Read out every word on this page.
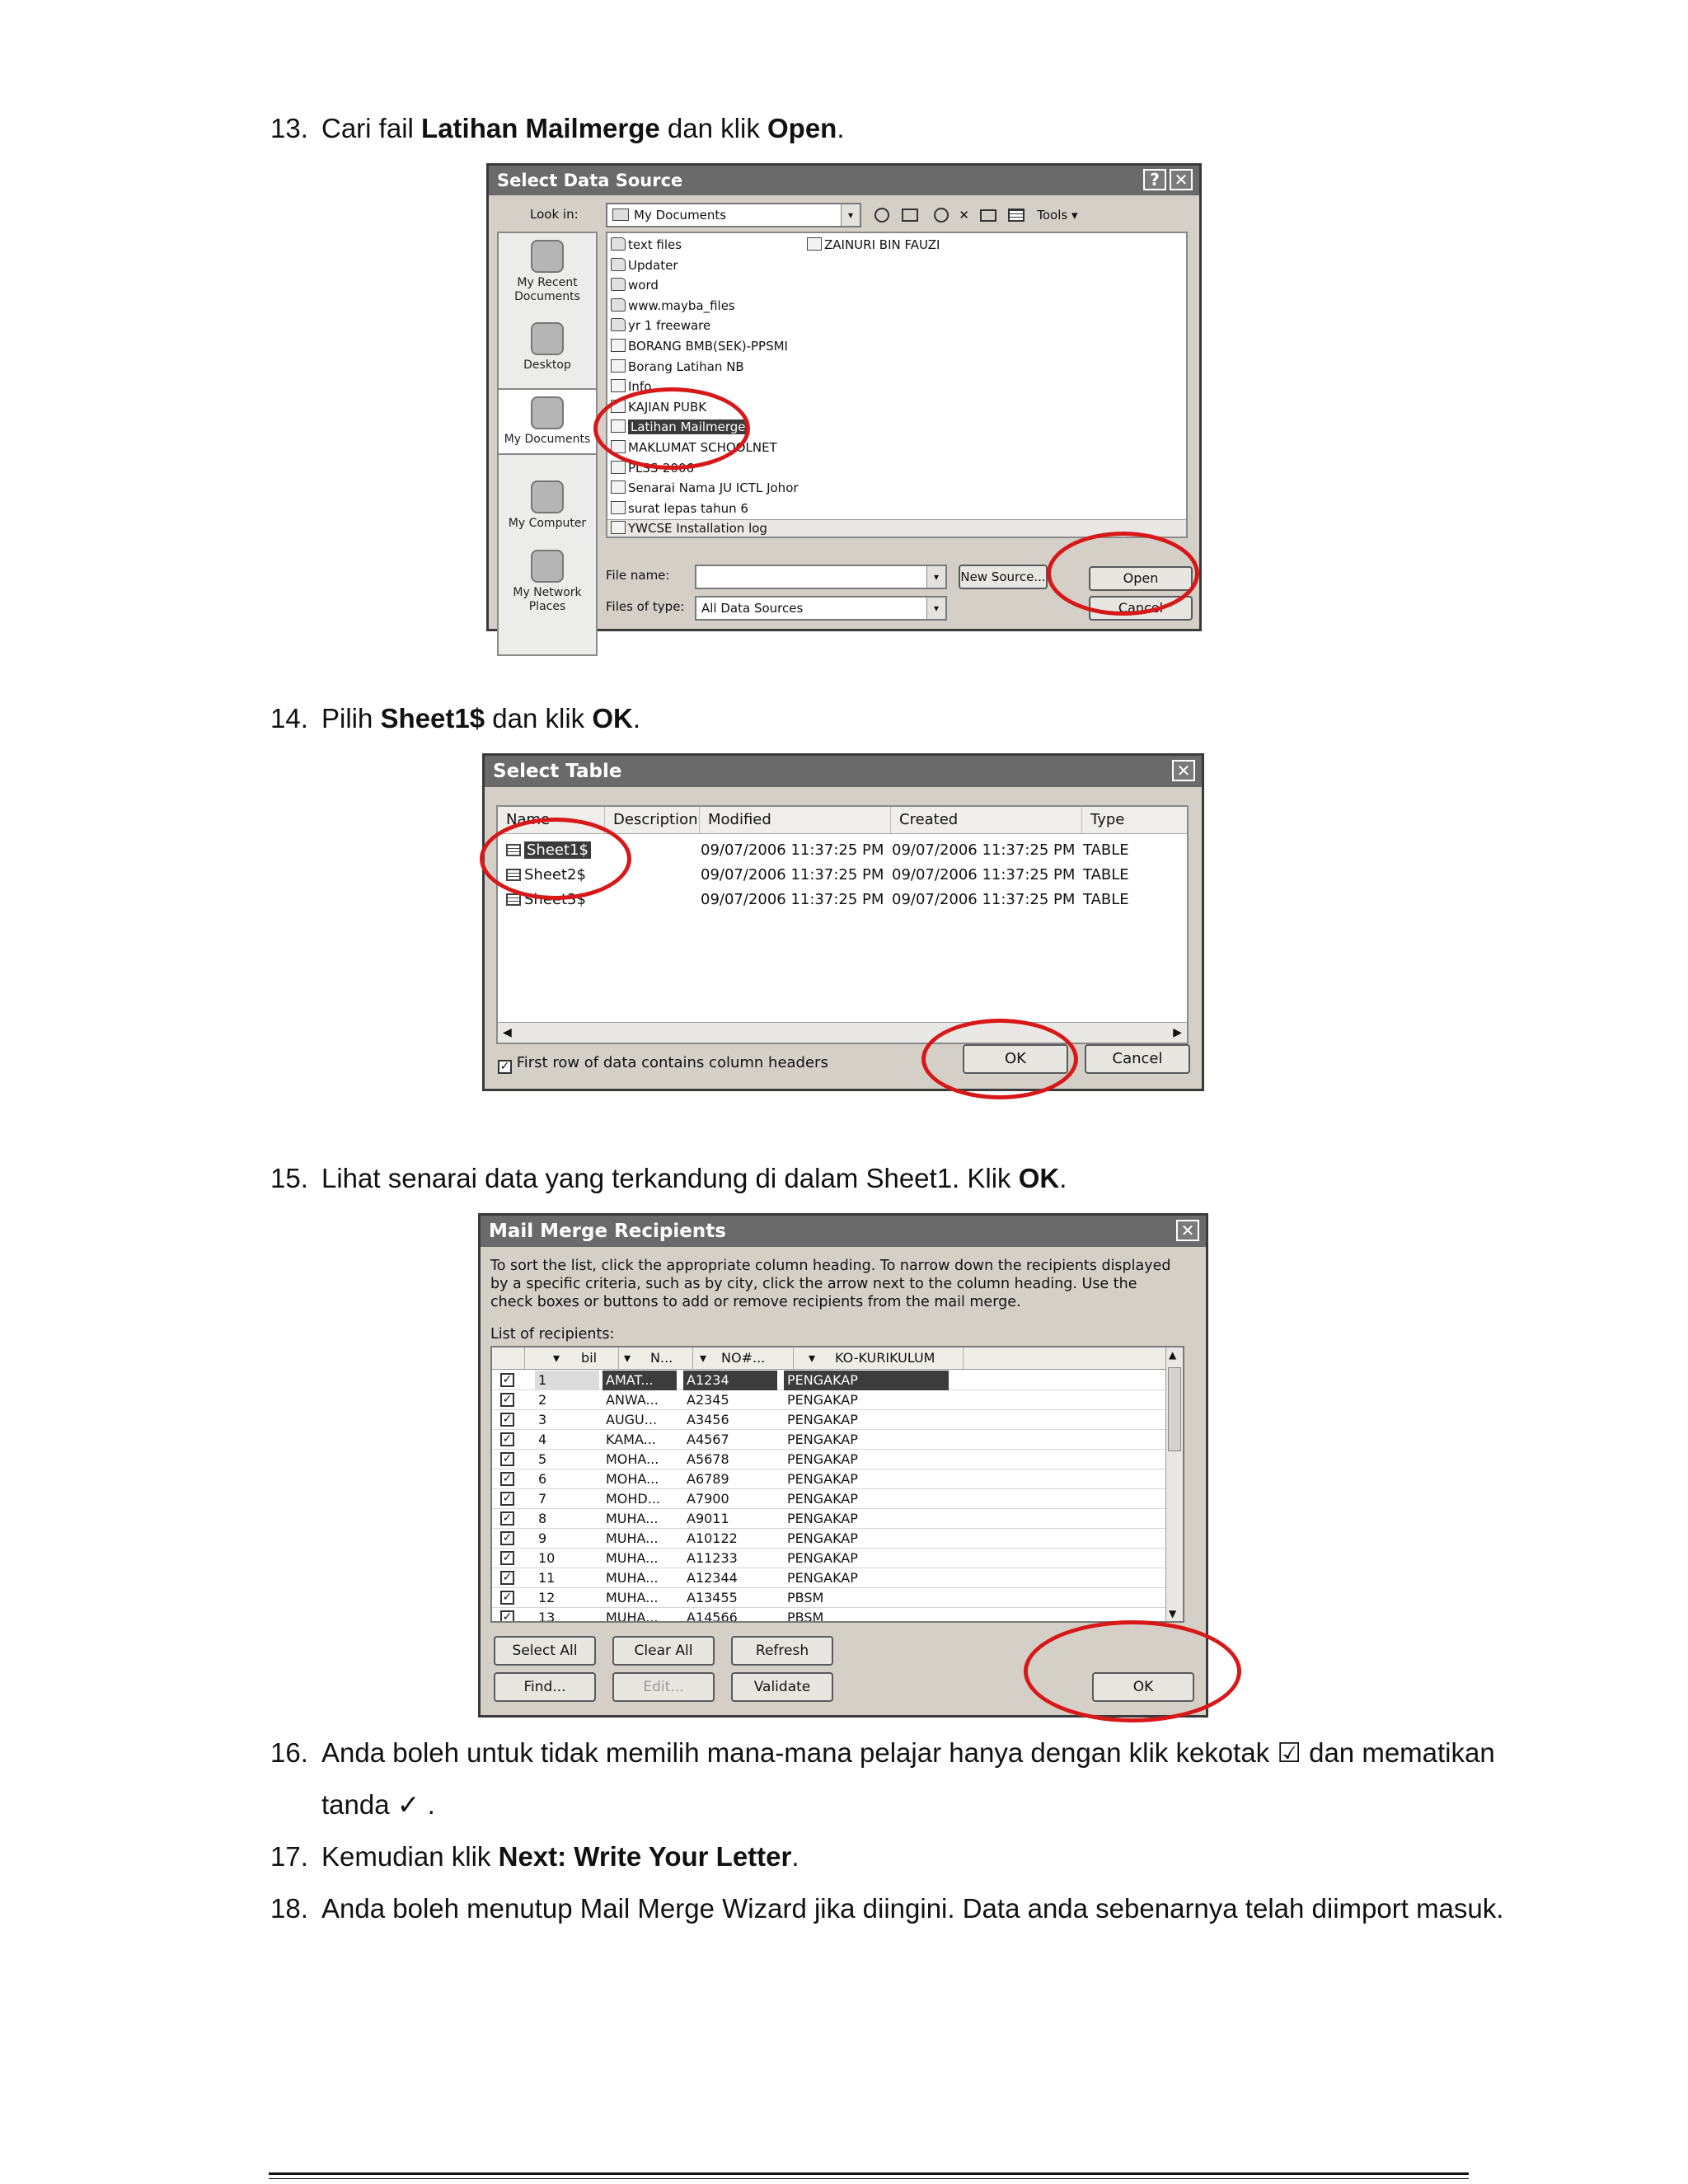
13. Cari fail Latihan Mailmerge dan klik Open.
Select Data Source	? ✕
Look in:	My Documents	▾	✕	Tools ▾
My Recent Documents
Desktop
My Documents
My Computer
My Network Places
text files
Updater
word
www.mayba_files
yr 1 freeware
BORANG BMB(SEK)-PPSMI
Borang Latihan NB
Info
KAJIAN PUBK
Latihan Mailmerge
MAKLUMAT SCHOOLNET
PLSS-2006
Senarai Nama JU ICTL Johor
surat lepas tahun 6
YWCSE Installation log
ZAINURI BIN FAUZI
File name:	▾
Files of type:	All Data Sources	▾
New Source...	Open
Cancel
14. Pilih Sheet1$ dan klik OK.
Select Table	✕
Name	Description Modified	Created	Type
Sheet1$	09/07/2006 11:37:25 PM 09/07/2006 11:37:25 PM TABLE
Sheet2$	09/07/2006 11:37:25 PM 09/07/2006 11:37:25 PM TABLE
Sheet3$	09/07/2006 11:37:25 PM 09/07/2006 11:37:25 PM TABLE
◀	▶
✓ First row of data contains column headers	OK	Cancel
15. Lihat senarai data yang terkandung di dalam Sheet1. Klik OK.
Mail Merge Recipients	✕
To sort the list, click the appropriate column heading. To narrow down the recipients displayed by a specific criteria, such as by city, click the arrow next to the column heading. Use the check boxes or buttons to add or remove recipients from the mail merge.
List of recipients:
▾ bil	▾ N...	▾ NO#...	▾ KO-KURIKULUM
✓ 1	AMAT...	A1234	PENGAKAP
✓ 2	ANWA... A2345	PENGAKAP
✓ 3	AUGU... A3456	PENGAKAP
✓ 4	KAMA... A4567	PENGAKAP
✓ 5	MOHA... A5678	PENGAKAP
✓ 6	MOHA... A6789	PENGAKAP
✓ 7	MOHD... A7900	PENGAKAP
✓ 8	MUHA... A9011	PENGAKAP
✓ 9	MUHA... A10122	PENGAKAP
✓ 10	MUHA... A11233	PENGAKAP
✓ 11	MUHA... A12344	PENGAKAP
✓ 12	MUHA... A13455	PBSM
✓ 13	MUHA... A14566	PBSM
▲
▼
Select All	Clear All	Refresh
Find...	Edit...	Validate	OK
16. Anda boleh untuk tidak memilih mana-mana pelajar hanya dengan klik kekotak ☑ dan mematikan
tanda ✓ .
17. Kemudian klik Next: Write Your Letter.
18. Anda boleh menutup Mail Merge Wizard jika diingini. Data anda sebenarnya telah diimport masuk.
